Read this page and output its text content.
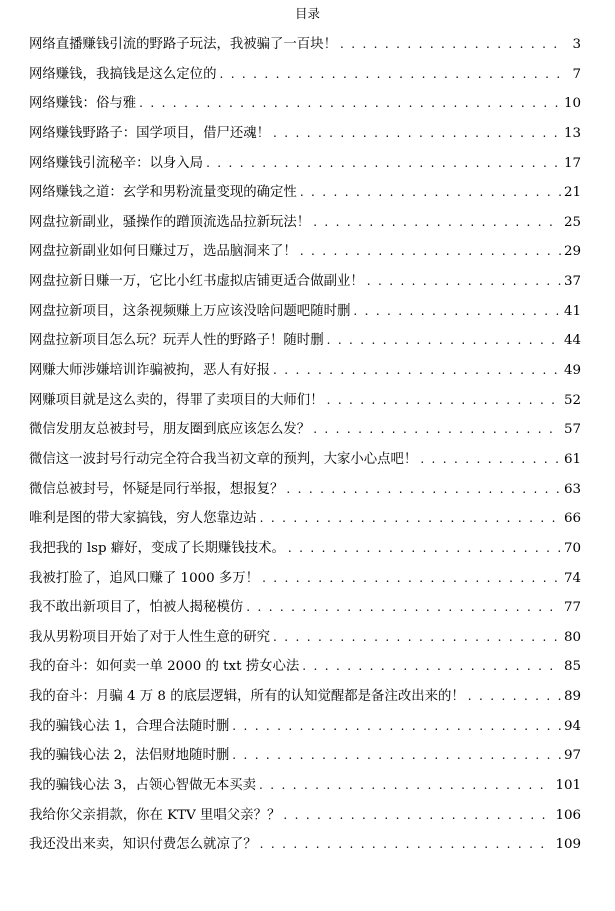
目录
网络直播赚钱引流的野路子玩法，我被骗了一百块！ . . .	3
网络赚钱，我搞钱是这么定位的 . . .	7
网络赚钱：俗与雅 . . .	10
网络赚钱野路子：国学项目，借尸还魂！ . . .	13
网络赚钱引流秘辛：以身入局 . . .	17
网络赚钱之道：玄学和男粉流量变现的确定性 . . .	21
网盘拉新副业，骚操作的蹭顶流选品拉新玩法！ . . .	25
网盘拉新副业如何日赚过万，选品脑洞来了！ . . .	29
网盘拉新日赚一万，它比小红书虚拟店铺更适合做副业！ . . .	37
网盘拉新项目，这条视频赚上万应该没啥问题吧随时删 . . .	41
网盘拉新项目怎么玩？玩弄人性的野路子！随时删 . . .	44
网赚大师涉嫌培训诈骗被拘，恶人有好报 . . .	49
网赚项目就是这么卖的，得罪了卖项目的大师们！ . . .	52
微信发朋友总被封号，朋友圈到底应该怎么发？ . . .	57
微信这一波封号行动完全符合我当初文章的预判，大家小心点吧！ . . .	61
微信总被封号，怀疑是同行举报，想报复？ . . .	63
唯利是图的带大家搞钱，穷人您靠边站 . . .	66
我把我的 lsp 癖好，变成了长期赚钱技术。 . . .	70
我被打脸了，追风口赚了 1000 多万！ . . .	74
我不敢出新项目了，怕被人揭秘模仿 . . .	77
我从男粉项目开始了对于人性生意的研究 . . .	80
我的奋斗：如何卖一单 2000 的 txt 捞女心法 . . .	85
我的奋斗：月骗 4 万 8 的底层逻辑，所有的认知觉醒都是备注改出来的！ . . .	89
我的骗钱心法 1，合理合法随时删 . . .	94
我的骗钱心法 2，法侣财地随时删 . . .	97
我的骗钱心法 3，占领心智做无本买卖 . . .	101
我给你父亲捐款，你在 KTV 里唱父亲？？ . . .	106
我还没出来卖，知识付费怎么就凉了？ . . .	109
